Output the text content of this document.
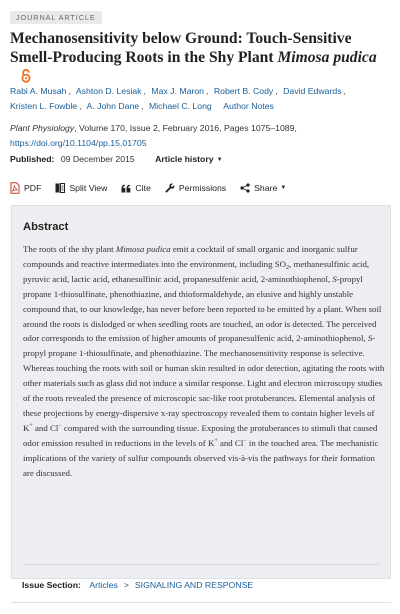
JOURNAL ARTICLE
Mechanosensitivity below Ground: Touch-Sensitive Smell-Producing Roots in the Shy Plant Mimosa pudica
Rabi A. Musah , Ashton D. Lesiak , Max J. Maron , Robert B. Cody , David Edwards ,
Kristen L. Fowble , A. John Dane , Michael C. Long Author Notes
Plant Physiology, Volume 170, Issue 2, February 2016, Pages 1075–1089,
https://doi.org/10.1104/pp.15.01705
Published: 09 December 2015 Article history ▼
PDF	Split View	Cite	Permissions	Share ▼
Abstract

The roots of the shy plant Mimosa pudica emit a cocktail of small organic and inorganic sulfur compounds and reactive intermediates into the environment, including $SO_2$, methanesulfinic acid, pyruvic acid, lactic acid, ethanesulfinic acid, propanesulfenic acid, 2-aminothiophenol, S-propyl propane 1-thiosulfinate, phenothiazine, and thioformaldehyde, an elusive and highly unstable compound that, to our knowledge, has never before been reported to be emitted by a plant. When soil around the roots is dislodged or when seedling roots are touched, an odor is detected. The perceived odor corresponds to the emission of higher amounts of propanesulfenic acid, 2-aminothiophenol, S-propyl propane 1-thiosulfinate, and phenothiazine. The mechanosensitivity response is selective. Whereas touching the roots with soil or human skin resulted in odor detection, agitating the roots with other materials such as glass did not induce a similar response. Light and electron microscopy studies of the roots revealed the presence of microscopic sac-like root protuberances. Elemental analysis of these projections by energy-dispersive x-ray spectroscopy revealed them to contain higher levels of K+ and Cl− compared with the surrounding tissue. Exposing the protuberances to stimuli that caused odor emission resulted in reductions in the levels of K+ and Cl− in the touched area. The mechanistic implications of the variety of sulfur compounds observed vis-à-vis the pathways for their formation are discussed.

Issue Section: Articles > SIGNALING AND RESPONSE
